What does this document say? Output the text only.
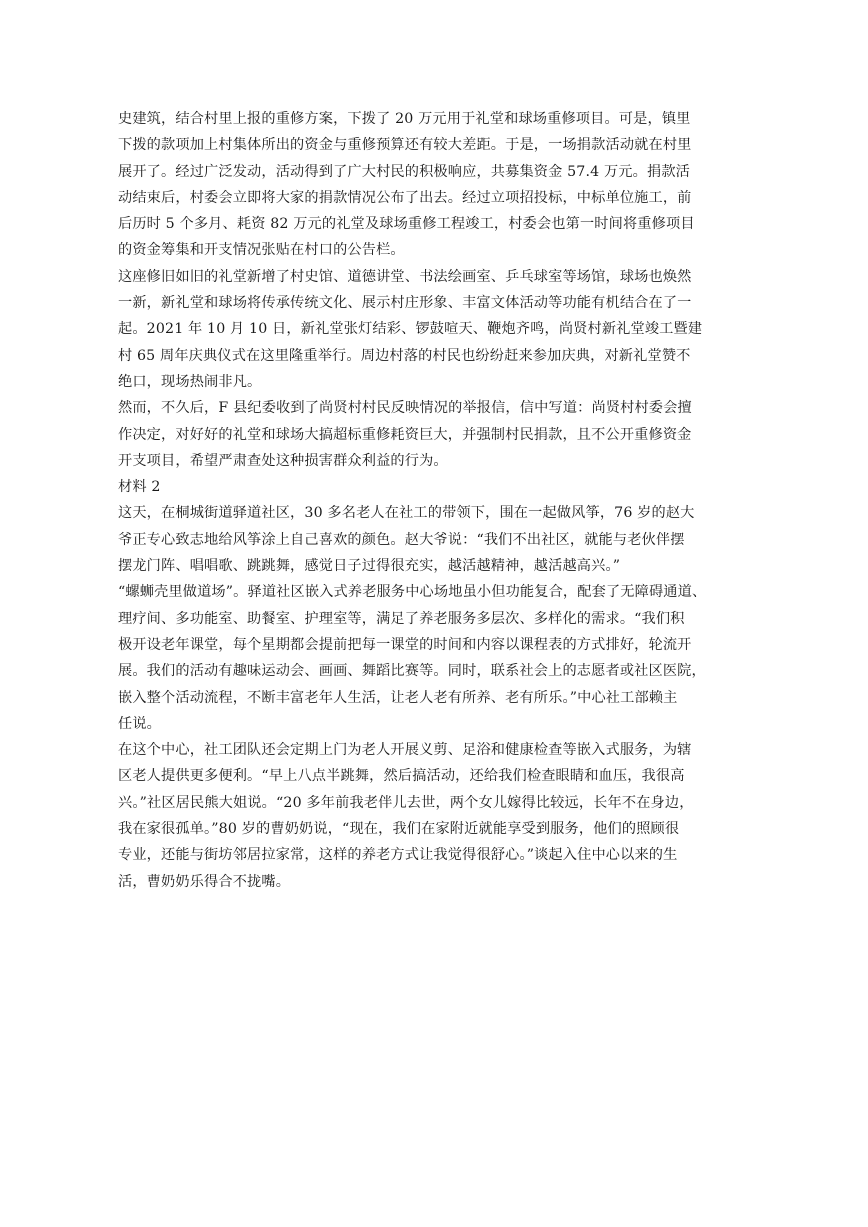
史建筑，结合村里上报的重修方案，下拨了 20 万元用于礼堂和球场重修项目。可是，镇里
下拨的款项加上村集体所出的资金与重修预算还有较大差距。于是，一场捐款活动就在村里
展开了。经过广泛发动，活动得到了广大村民的积极响应，共募集资金 57.4 万元。捐款活
动结束后，村委会立即将大家的捐款情况公布了出去。经过立项招投标，中标单位施工，前
后历时 5 个多月、耗资 82 万元的礼堂及球场重修工程竣工，村委会也第一时间将重修项目
的资金筹集和开支情况张贴在村口的公告栏。
这座修旧如旧的礼堂新增了村史馆、道德讲堂、书法绘画室、乒乓球室等场馆，球场也焕然
一新，新礼堂和球场将传承传统文化、展示村庄形象、丰富文体活动等功能有机结合在了一
起。2021 年 10 月 10 日，新礼堂张灯结彩、锣鼓喧天、鞭炮齐鸣，尚贤村新礼堂竣工暨建
村 65 周年庆典仪式在这里隆重举行。周边村落的村民也纷纷赶来参加庆典，对新礼堂赞不
绝口，现场热闹非凡。
然而，不久后，F 县纪委收到了尚贤村村民反映情况的举报信，信中写道：尚贤村村委会擅
作决定，对好好的礼堂和球场大搞超标重修耗资巨大，并强制村民捐款，且不公开重修资金
开支项目，希望严肃查处这种损害群众利益的行为。
材料 2
这天，在桐城街道驿道社区，30 多名老人在社工的带领下，围在一起做风筝，76 岁的赵大
爷正专心致志地给风筝涂上自己喜欢的颜色。赵大爷说：“我们不出社区，就能与老伙伴摆
摆龙门阵、唱唱歌、跳跳舞，感觉日子过得很充实，越活越精神，越活越高兴。”
“螺蛳壳里做道场”。驿道社区嵌入式养老服务中心场地虽小但功能复合，配套了无障碍通道、
理疗间、多功能室、助餐室、护理室等，满足了养老服务多层次、多样化的需求。“我们积
极开设老年课堂，每个星期都会提前把每一课堂的时间和内容以课程表的方式排好，轮流开
展。我们的活动有趣味运动会、画画、舞蹈比赛等。同时，联系社会上的志愿者或社区医院，
嵌入整个活动流程，不断丰富老年人生活，让老人老有所养、老有所乐。”中心社工部赖主
任说。
在这个中心，社工团队还会定期上门为老人开展义剪、足浴和健康检查等嵌入式服务，为辖
区老人提供更多便利。“早上八点半跳舞，然后搞活动，还给我们检查眼睛和血压，我很高
兴。”社区居民熊大姐说。“20 多年前我老伴儿去世，两个女儿嫁得比较远，长年不在身边，
我在家很孤单。”80 岁的曹奶奶说，“现在，我们在家附近就能享受到服务，他们的照顾很
专业，还能与街坊邻居拉家常，这样的养老方式让我觉得很舒心。”谈起入住中心以来的生
活，曹奶奶乐得合不拢嘴。
